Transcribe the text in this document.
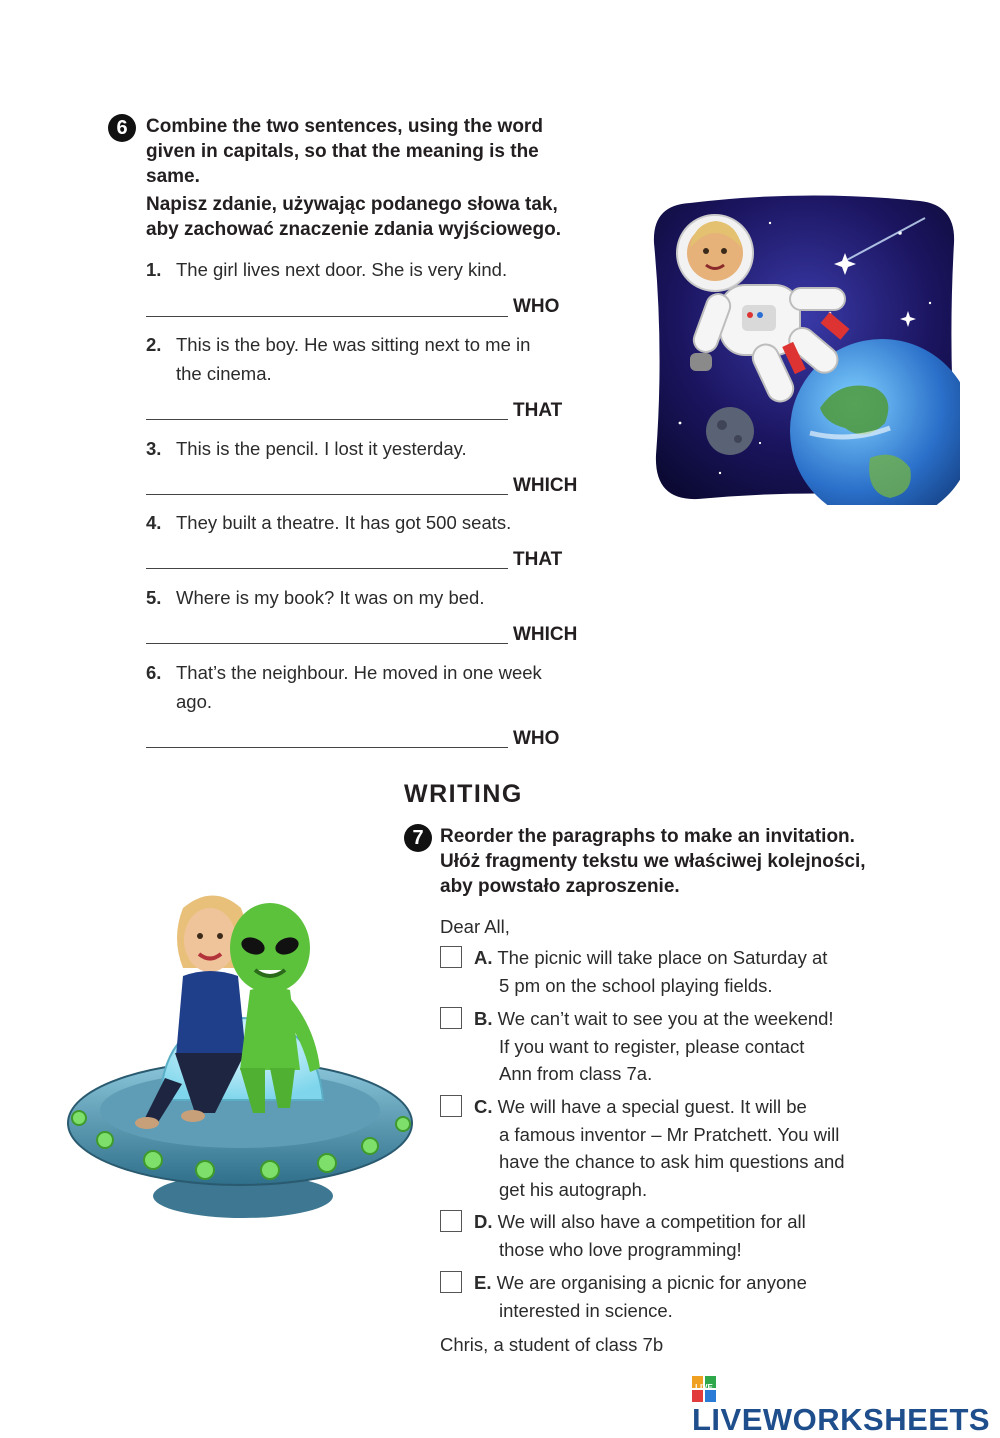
6 Combine the two sentences, using the word
given in capitals, so that the meaning is the
same.
Napisz zdanie, używając podanego słowa tak,
aby zachować znaczenie zdania wyjściowego.
1. The girl lives next door. She is very kind.
WHO
2. This is the boy. He was sitting next to me in
the cinema.
THAT
3. This is the pencil. I lost it yesterday.
WHICH
4. They built a theatre. It has got 500 seats.
THAT
5. Where is my book? It was on my bed.
WHICH
6. That’s the neighbour. He moved in one week
ago.
WHO
WRITING
7 Reorder the paragraphs to make an invitation.
Ułóż fragmenty tekstu we właściwej kolejności,
aby powstało zaproszenie.
Dear All,
A. The picnic will take place on Saturday at
5 pm on the school playing fields.
B. We can’t wait to see you at the weekend!
If you want to register, please contact
Ann from class 7a.
C. We will have a special guest. It will be
a famous inventor – Mr Pratchett. You will
have the chance to ask him questions and
get his autograph.
D. We will also have a competition for all
those who love programming!
E. We are organising a picnic for anyone
interested in science.
Chris, a student of class 7b
LIVE
LIVEWORKSHEETS
